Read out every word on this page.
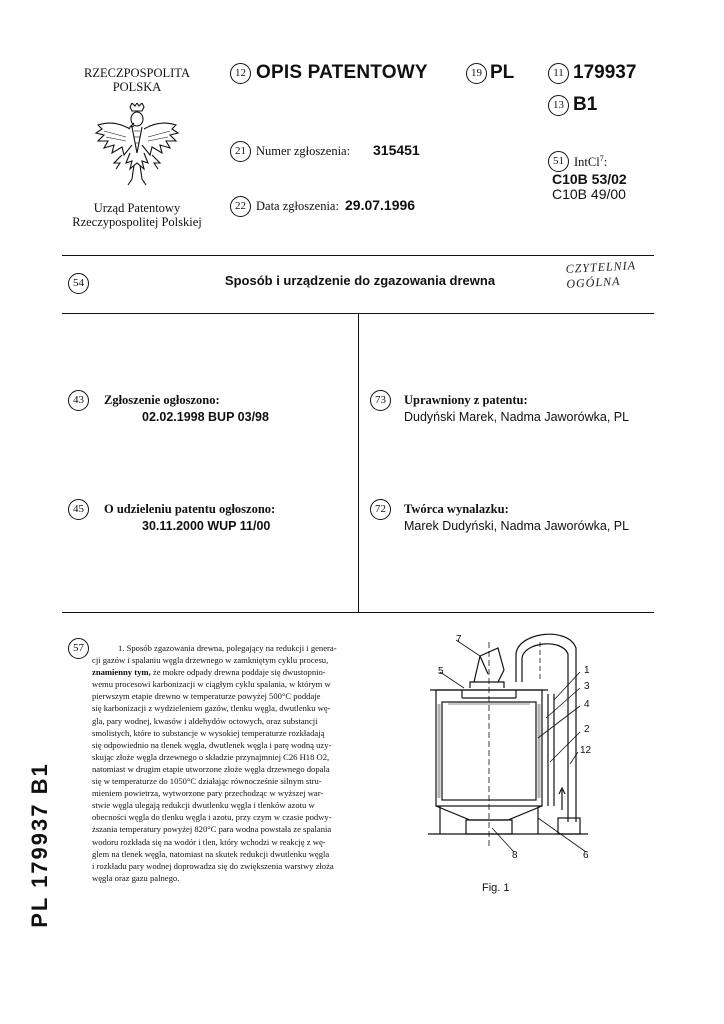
RZECZPOSPOLITA
POLSKA
Urząd Patentowy
Rzeczypospolitej Polskiej
12 OPIS PATENTOWY	19 PL	11 179937
13 B1
21 Numer zgłoszenia: 315451
22 Data zgłoszenia: 29.07.1996
51 IntCl$^7$:
C10B 53/02
C10B 49/00
54	Sposób i urządzenie do zgazowania drewna
CZYTELNIA
OGÓLNA
43	Zgłoszenie ogłoszono:
02.02.1998 BUP 03/98
45	O udzieleniu patentu ogłoszono:
30.11.2000 WUP 11/00
73	Uprawniony z patentu:
Dudyński Marek, Nadma Jaworówka, PL
72	Twórca wynalazku:
Marek Dudyński, Nadma Jaworówka, PL
57	1. Sposób zgazowania drewna, polegający na redukcji i genera-
cji gazów i spalaniu węgla drzewnego w zamkniętym cyklu procesu,
znamienny tym, że mokre odpady drewna poddaje się dwustopnio-
wemu procesowi karbonizacji w ciągłym cyklu spalania, w którym w
pierwszym etapie drewno w temperaturze powyżej 500°C poddaje
się karbonizacji z wydzieleniem gazów, tlenku węgla, dwutlenku wę-
gla, pary wodnej, kwasów i aldehydów octowych, oraz substancji
smolistych, które to substancje w wysokiej temperaturze rozkładają
się odpowiednio na tlenek węgla, dwutlenek węgla i parę wodną uzy-
skując złoże węgla drzewnego o składzie przynajmniej C26 H18 O2,
natomiast w drugim etapie utworzone złoże węgla drzewnego dopala
się w temperaturze do 1050°C działając równocześnie silnym stru-
mieniem powietrza, wytworzone pary przechodząc w wyższej war-
stwie węgla ulegają redukcji dwutlenku węgla i tlenków azotu w
obecności węgla do tlenku węgla i azotu, przy czym w czasie podwy-
ższania temperatury powyżej 820°C para wodna powstała ze spalania
wodoru rozkłada się na wodór i tlen, który wchodzi w reakcję z wę-
glem na tlenek węgla, natomiast na skutek redukcji dwutlenku węgla
i rozkładu pary wodnej doprowadza się do zwiększenia warstwy złoża
węgla oraz gazu palnego.
7
5	1
3
4
2
12
8	6
Fig. 1
PL 179937 B1
